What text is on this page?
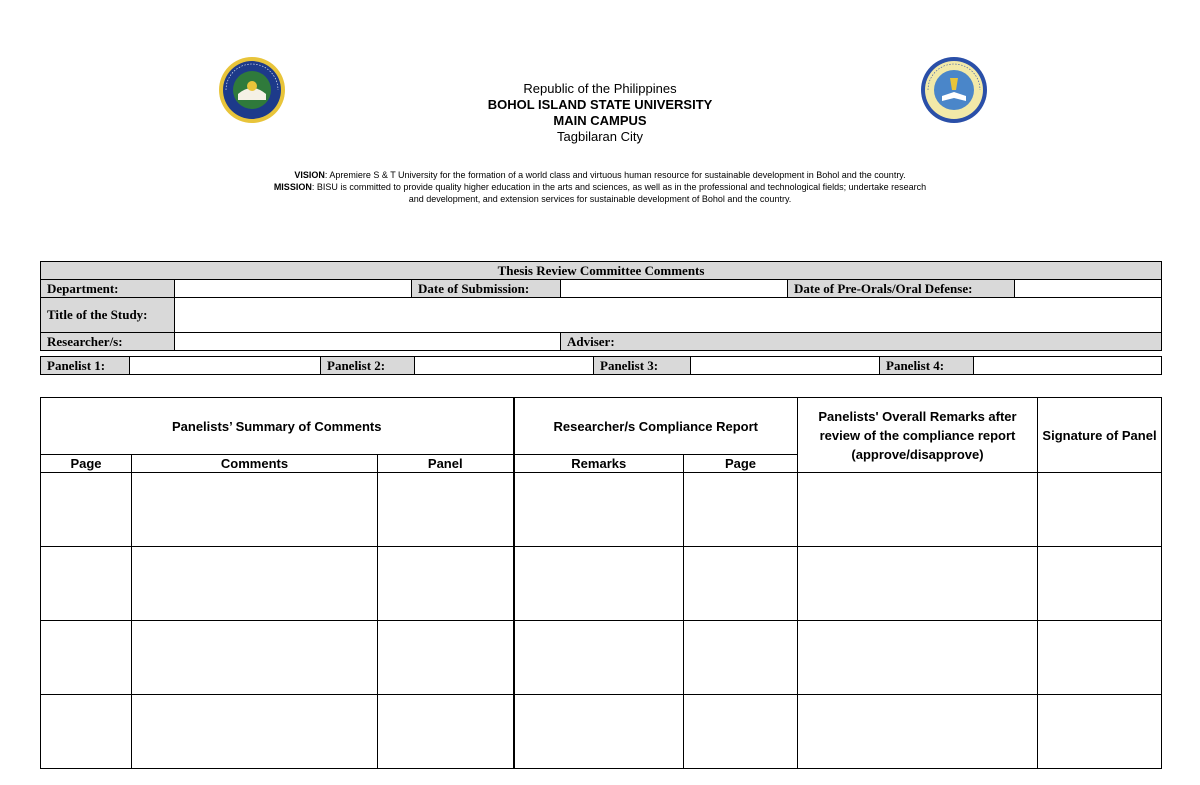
Republic of the Philippines
BOHOL ISLAND STATE UNIVERSITY
MAIN CAMPUS
Tagbilaran City
VISION: Apremiere S & T University for the formation of a world class and virtuous human resource for sustainable development in Bohol and the country.
MISSION: BISU is committed to provide quality higher education in the arts and sciences, as well as in the professional and technological fields; undertake research and development, and extension services for sustainable development of Bohol and the country.
Thesis Review Committee Comments					
Department:		Date of Submission:		Date of Pre-Orals/Oral Defense:	
Title of the Study:					
Researcher/s:			Adviser:		
Panelist 1:		Panelist 2:		Panelist 3:		Panelist 4:	
Panelists’ Summary of Comments			Researcher/s Compliance Report		Panelists' Overall Remarks after review of the compliance report (approve/disapprove)	Signature of Panel
Page	Comments	Panel	Remarks	Page		
